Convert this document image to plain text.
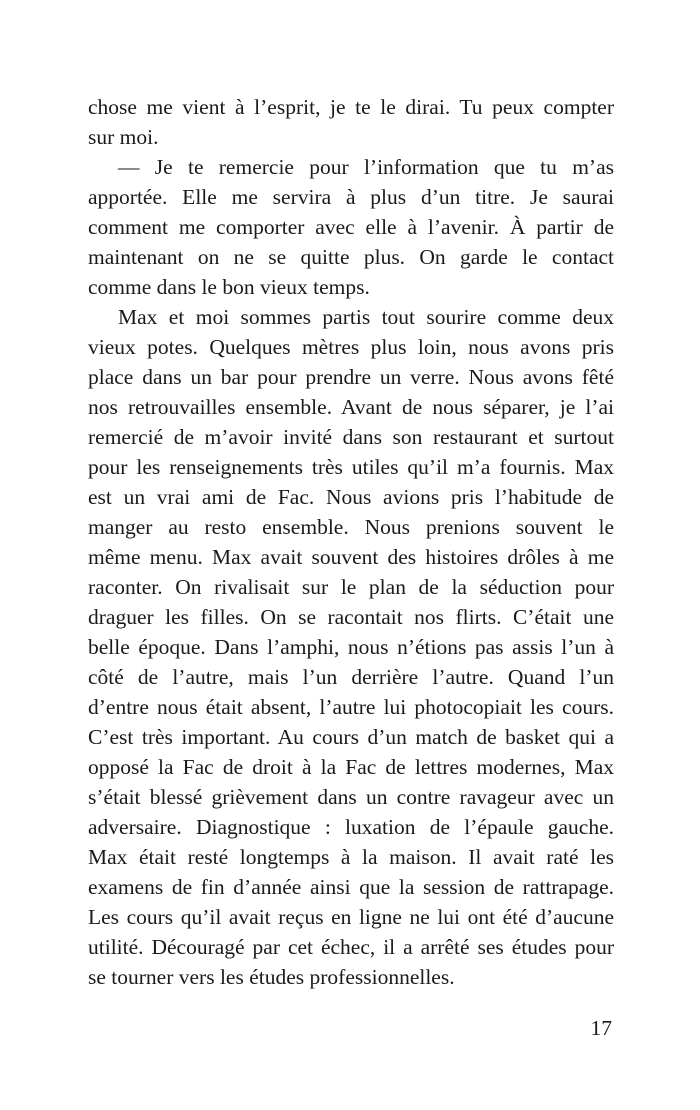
chose me vient à l’esprit, je te le dirai. Tu peux compter
sur moi.
— Je te remercie pour l’information que tu m’as
apportée. Elle me servira à plus d’un titre. Je saurai
comment me comporter avec elle à l’avenir. À partir de
maintenant on ne se quitte plus. On garde le contact
comme dans le bon vieux temps.
Max et moi sommes partis tout sourire comme deux
vieux potes. Quelques mètres plus loin, nous avons pris
place dans un bar pour prendre un verre. Nous avons fêté
nos retrouvailles ensemble. Avant de nous séparer, je l’ai
remercié de m’avoir invité dans son restaurant et surtout
pour les renseignements très utiles qu’il m’a fournis. Max
est un vrai ami de Fac. Nous avions pris l’habitude de
manger au resto ensemble. Nous prenions souvent le
même menu. Max avait souvent des histoires drôles à me
raconter. On rivalisait sur le plan de la séduction pour
draguer les filles. On se racontait nos flirts. C’était une
belle époque. Dans l’amphi, nous n’étions pas assis l’un à
côté de l’autre, mais l’un derrière l’autre. Quand l’un
d’entre nous était absent, l’autre lui photocopiait les cours.
C’est très important. Au cours d’un match de basket qui a
opposé la Fac de droit à la Fac de lettres modernes, Max
s’était blessé grièvement dans un contre ravageur avec un
adversaire. Diagnostique : luxation de l’épaule gauche.
Max était resté longtemps à la maison. Il avait raté les
examens de fin d’année ainsi que la session de rattrapage.
Les cours qu’il avait reçus en ligne ne lui ont été d’aucune
utilité. Découragé par cet échec, il a arrêté ses études pour
se tourner vers les études professionnelles.
17
